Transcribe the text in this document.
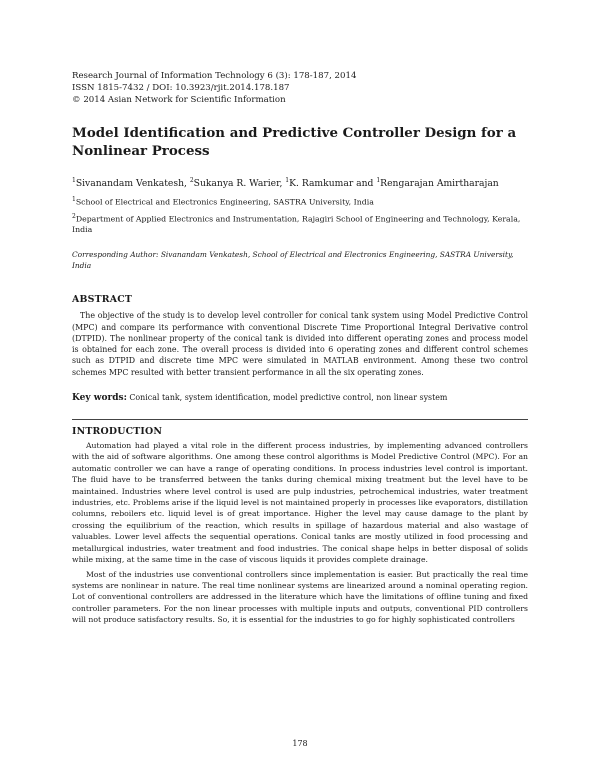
Research Journal of Information Technology 6 (3): 178-187, 2014
ISSN 1815-7432 / DOI: 10.3923/rjit.2014.178.187
© 2014 Asian Network for Scientific Information
Model Identification and Predictive Controller Design for a Nonlinear Process
$^1$Sivanandam Venkatesh, $^2$Sukanya R. Warier, $^1$K. Ramkumar and $^1$Rengarajan Amirtharajan
$^1$School of Electrical and Electronics Engineering, SASTRA University, India
$^2$Department of Applied Electronics and Instrumentation, Rajagiri School of Engineering and Technology, Kerala, India
Corresponding Author: Sivanandam Venkatesh, School of Electrical and Electronics Engineering, SASTRA University, India
ABSTRACT
The objective of the study is to develop level controller for conical tank system using Model Predictive Control (MPC) and compare its performance with conventional Discrete Time Proportional Integral Derivative control (DTPID). The nonlinear property of the conical tank is divided into different operating zones and process model is obtained for each zone. The overall process is divided into 6 operating zones and different control schemes such as DTPID and discrete time MPC were simulated in MATLAB environment. Among these two control schemes MPC resulted with better transient performance in all the six operating zones.
Key words: Conical tank, system identification, model predictive control, non linear system
INTRODUCTION

Automation had played a vital role in the different process industries, by implementing advanced controllers with the aid of software algorithms. One among these control algorithms is Model Predictive Control (MPC). For an automatic controller we can have a range of operating conditions. In process industries level control is important. The fluid have to be transferred between the tanks during chemical mixing treatment but the level have to be maintained. Industries where level control is used are pulp industries, petrochemical industries, water treatment industries, etc. Problems arise if the liquid level is not maintained properly in processes like evaporators, distillation columns, reboilers etc. liquid level is of great importance. Higher the level may cause damage to the plant by crossing the equilibrium of the reaction, which results in spillage of hazardous material and also wastage of valuables. Lower level affects the sequential operations. Conical tanks are mostly utilized in food processing and metallurgical industries, water treatment and food industries. The conical shape helps in better disposal of solids while mixing, at the same time in the case of viscous liquids it provides complete drainage.

Most of the industries use conventional controllers since implementation is easier. But practically the real time systems are nonlinear in nature. The real time nonlinear systems are linearized around a nominal operating region. Lot of conventional controllers are addressed in the literature which have the limitations of offline tuning and fixed controller parameters. For the non linear processes with multiple inputs and outputs, conventional PID controllers will not produce satisfactory results. So, it is essential for the industries to go for highly sophisticated controllers

178
